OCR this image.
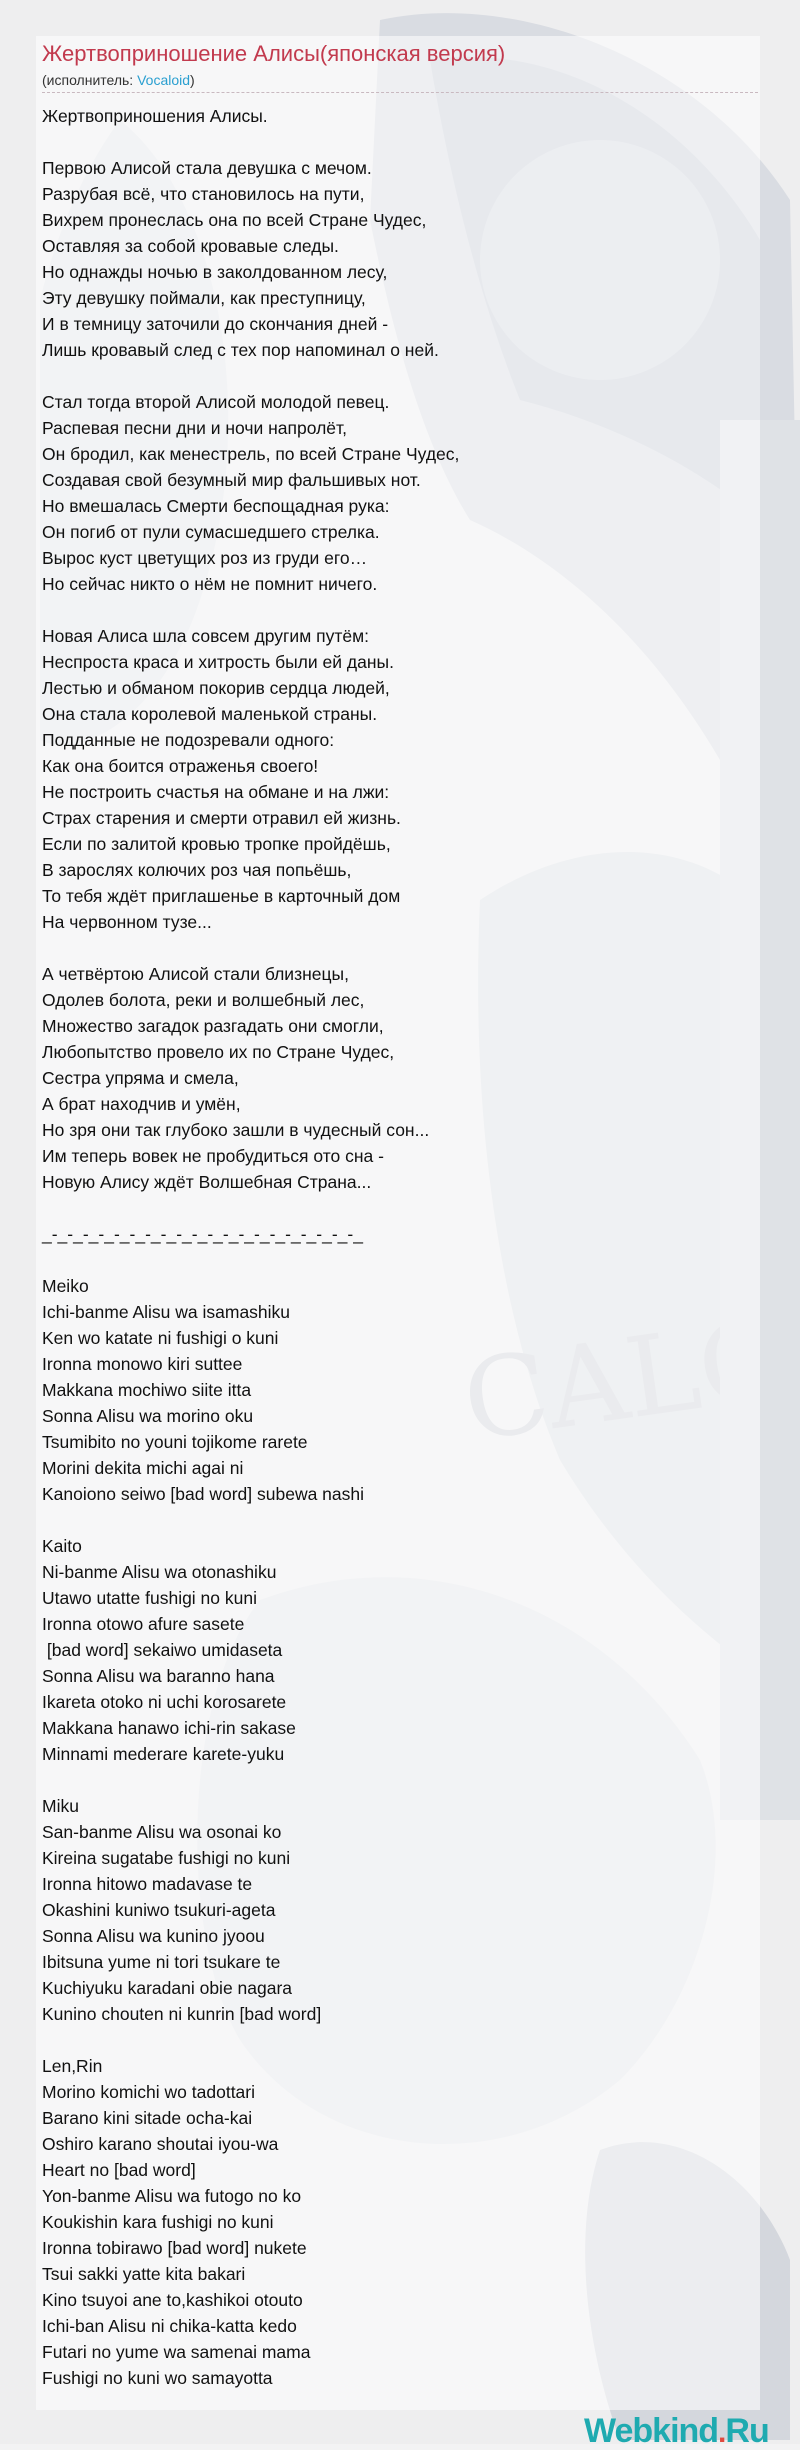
Жертвоприношение Алисы(японская версия)
(исполнитель: Vocaloid)
Жертвоприношения Алисы.
Первою Алисой стала девушка с мечом.
Разрубая всё, что становилось на пути,
Вихрем пронеслась она по всей Стране Чудес,
Оставляя за собой кровавые следы.
Но однажды ночью в заколдованном лесу,
Эту девушку поймали, как преступницу,
И в темницу заточили до скончания дней -
Лишь кровавый след с тех пор напоминал о ней.
Стал тогда второй Алисой молодой певец.
Распевая песни дни и ночи напролёт,
Он бродил, как менестрель, по всей Стране Чудес,
Создавая свой безумный мир фальшивых нот.
Но вмешалась Смерти беспощадная рука:
Он погиб от пули сумасшедшего стрелка.
Вырос куст цветущих роз из груди его…
Но сейчас никто о нём не помнит ничего.
Новая Алиса шла совсем другим путём:
Неспроста краса и хитрость были ей даны.
Лестью и обманом покорив сердца людей,
Она стала королевой маленькой страны.
Подданные не подозревали одного:
Как она боится отраженья своего!
Не построить счастья на обмане и на лжи:
Страх старения и смерти отравил ей жизнь.
Если по залитой кровью тропке пройдёшь,
В зарослях колючих роз чая попьёшь,
То тебя ждёт приглашенье в карточный дом
На червонном тузе...
А четвёртою Алисой стали близнецы,
Одолев болота, реки и волшебный лес,
Множество загадок разгадать они смогли,
Любопытство провело их по Стране Чудес,
Сестра упряма и смела,
А брат находчив и умён,
Но зря они так глубоко зашли в чудесный сон...
Им теперь вовек не пробудиться ото сна -
Новую Алису ждёт Волшебная Страна...
_-_-_-_-_-_-_-_-_-_-_-_-_-_-_-_-_-_-_-_-_
Meiko
Ichi-banme Alisu wa isamashiku
Ken wo katate ni fushigi o kuni
Ironna monowo kiri suttee
Makkana mochiwo siite itta
Sonna Alisu wa morino oku
Tsumibito no youni tojikome rarete
Morini dekita michi agai ni
Kanoiono seiwo [bad word] subewa nashi
Kaito
Ni-banme Alisu wa otonashiku
Utawo utatte fushigi no kuni
Ironna otowo afure sasete
[bad word] sekaiwo umidaseta
Sonna Alisu wa baranno hana
Ikareta otoko ni uchi korosarete
Makkana hanawo ichi-rin sakase
Minnami mederare karete-yuku
Miku
San-banme Alisu wa osonai ko
Kireina sugatabe fushigi no kuni
Ironna hitowo madavase te
Okashini kuniwo tsukuri-ageta
Sonna Alisu wa kunino jyoou
Ibitsuna yume ni tori tsukare te
Kuchiyuku karadani obie nagara
Kunino chouten ni kunrin [bad word]
Len,Rin
Morino komichi wo tadottari
Barano kini sitade ocha-kai
Oshiro karano shoutai iyou-wa
Heart no [bad word]
Yon-banme Alisu wa futogo no ko
Koukishin kara fushigi no kuni
Ironna tobirawo [bad word] nukete
Tsui sakki yatte kita bakari
Kino tsuyoi ane to,kashikoi otouto
Ichi-ban Alisu ni chika-katta kedo
Futari no yume wa samenai mama
Fushigi no kuni wo samayotta
Webkind.Ru
